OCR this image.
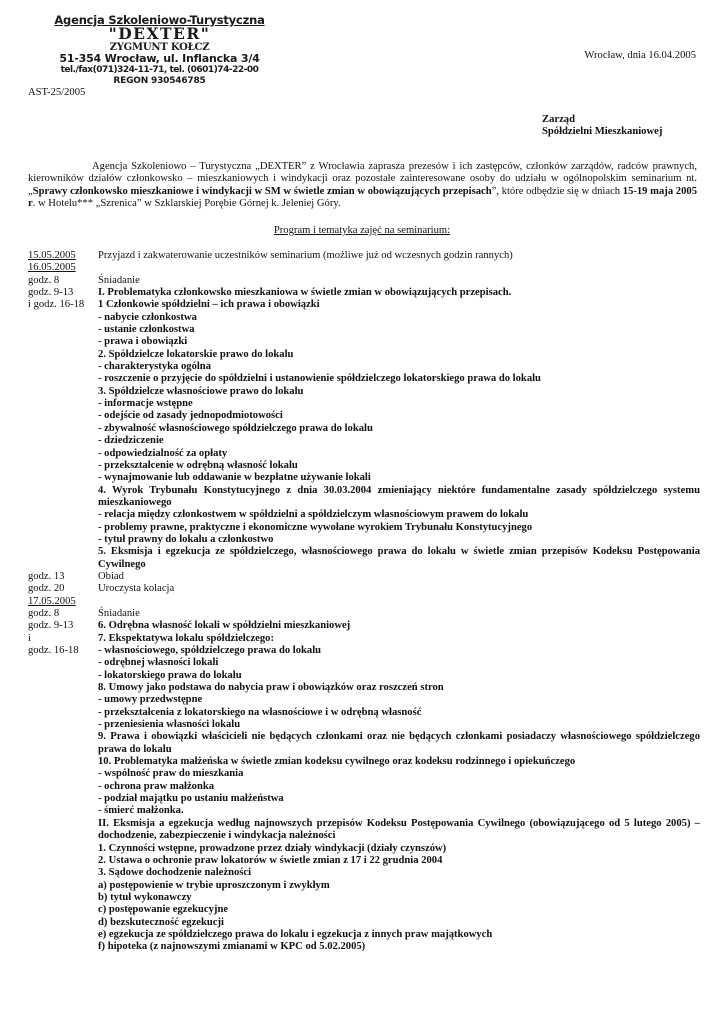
Agencja Szkoleniowo-Turystyczna
"DEXTER"
ZYGMUNT KOŁCZ
51-354 Wrocław, ul. Inflancka 3/4
tel./fax(071)324-11-71, tel. (0601)74-22-00
REGON 930546785
Wrocław, dnia 16.04.2005
AST-25/2005
Zarząd
Spółdzielni Mieszkaniowej

Agencja Szkoleniowo – Turystyczna „DEXTER” z Wrocławia zaprasza prezesów i ich zastępców, członków zarządów, radców prawnych, kierowników działów członkowsko – mieszkaniowych i windykacji oraz pozostałe zainteresowane osoby do udziału w ogólnopolskim seminarium nt. „Sprawy członkowsko mieszkaniowe i windykacji w SM w świetle zmian w obowiązujących przepisach”, które odbędzie się w dniach 15-19 maja 2005 r. w Hotelu*** „Szrenica” w Szklarskiej Porębie Górnej k. Jeleniej Góry.

Program i tematyka zajęć na seminarium:
15.05.2005	Przyjazd i zakwaterowanie uczestników seminarium (możliwe już od wczesnych godzin rannych)
16.05.2005

godz. 8	Śniadanie
godz. 9-13	I. Problematyka członkowsko mieszkaniowa w świetle zmian w obowiązujących przepisach.
i godz. 16-18	1 Członkowie spółdzielni – ich prawa i obowiązki

- nabycie członkostwa

- ustanie członkostwa

- prawa i obowiązki

2. Spółdzielcze lokatorskie prawo do lokalu

- charakterystyka ogólna

- roszczenie o przyjęcie do spółdzielni i ustanowienie spółdzielczego lokatorskiego prawa do lokalu

3. Spółdzielcze własnościowe prawo do lokalu

- informacje wstępne

- odejście od zasady jednopodmiotowości

- zbywalność własnościowego spółdzielczego prawa do lokalu

- dziedziczenie

- odpowiedzialność za opłaty

- przekształcenie w odrębną własność lokalu

- wynajmowanie lub oddawanie w bezpłatne używanie lokali

4. Wyrok Trybunału Konstytucyjnego z dnia 30.03.2004 zmieniający niektóre fundamentalne zasady spółdzielczego systemu mieszkaniowego

- relacja między członkostwem w spółdzielni a spółdzielczym własnościowym prawem do lokalu

- problemy prawne, praktyczne i ekonomiczne wywołane wyrokiem Trybunału Konstytucyjnego

- tytuł prawny do lokalu a członkostwo

5. Eksmisja i egzekucja ze spółdzielczego, własnościowego prawa do lokalu w świetle zmian przepisów Kodeksu Postępowania Cywilnego
godz. 13	Obiad
godz. 20	Uroczysta kolacja
17.05.2005

godz. 8	Śniadanie
godz. 9-13	6. Odrębna własność lokali w spółdzielni mieszkaniowej
i	7. Ekspektatywa lokalu spółdzielczego:
godz. 16-18	- własnościowego, spółdzielczego prawa do lokalu

- odrębnej własności lokali

- lokatorskiego prawa do lokalu

8. Umowy jako podstawa do nabycia praw i obowiązków oraz roszczeń stron

- umowy przedwstępne

- przekształcenia z lokatorskiego na własnościowe i w odrębną własność

- przeniesienia własności lokalu

9. Prawa i obowiązki właścicieli nie będących członkami oraz nie będących członkami posiadaczy własnościowego spółdzielczego prawa do lokalu

10. Problematyka małżeńska w świetle zmian kodeksu cywilnego oraz kodeksu rodzinnego i opiekuńczego

- wspólność praw do mieszkania

- ochrona praw małżonka

- podział majątku po ustaniu małżeństwa

- śmierć małżonka.

II. Eksmisja a egzekucja według najnowszych przepisów Kodeksu Postępowania Cywilnego (obowiązującego od 5 lutego 2005) – dochodzenie, zabezpieczenie i windykacja należności

1. Czynności wstępne, prowadzone przez działy windykacji (działy czynszów)

2. Ustawa o ochronie praw lokatorów w świetle zmian z 17 i 22 grudnia 2004

3. Sądowe dochodzenie należności

a) postępowienie w trybie uproszczonym i zwykłym

b) tytuł wykonawczy

c) postępowanie egzekucyjne

d) bezskuteczność egzekucji

e) egzekucja ze spółdzielczego prawa do lokalu i egzekucja z innych praw majątkowych

f) hipoteka (z najnowszymi zmianami w KPC od 5.02.2005)
